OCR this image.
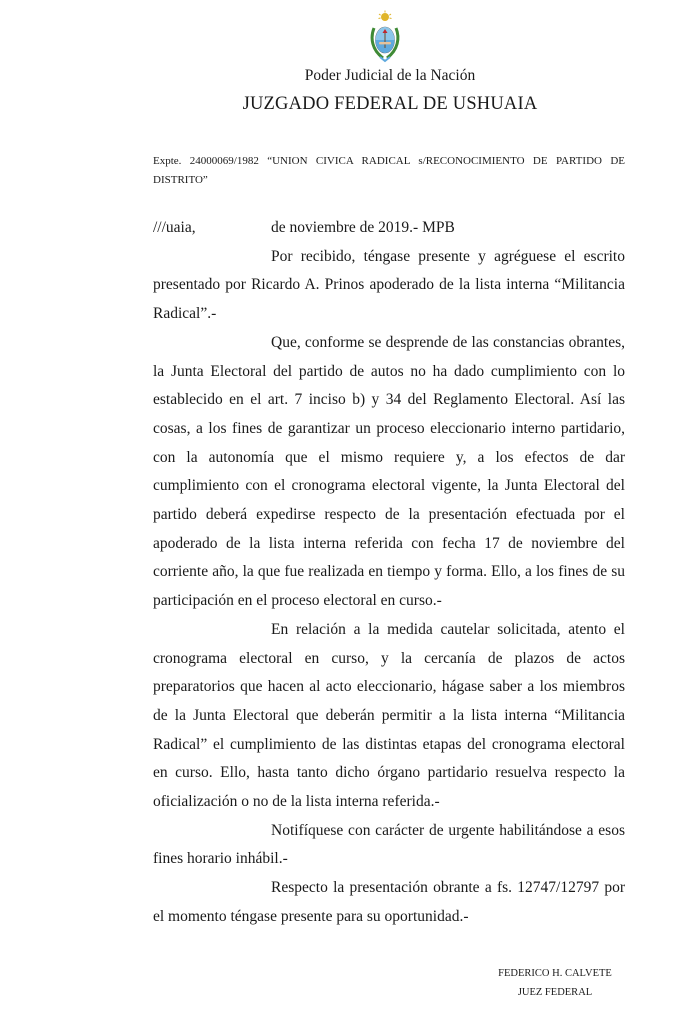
Poder Judicial de la Nación
JUZGADO FEDERAL DE USHUAIA
Expte. 24000069/1982 “UNION CIVICA RADICAL s/RECONOCIMIENTO DE PARTIDO DE DISTRITO”

///uaia,	de noviembre de 2019.- MPB

Por recibido, téngase presente y agréguese el escrito presentado por Ricardo A. Prinos apoderado de la lista interna “Militancia Radical”.-

Que, conforme se desprende de las constancias obrantes, la Junta Electoral del partido de autos no ha dado cumplimiento con lo establecido en el art. 7 inciso b) y 34 del Reglamento Electoral. Así las cosas, a los fines de garantizar un proceso eleccionario interno partidario, con la autonomía que el mismo requiere y, a los efectos de dar cumplimiento con el cronograma electoral vigente, la Junta Electoral del partido deberá expedirse respecto de la presentación efectuada por el apoderado de la lista interna referida con fecha 17 de noviembre del corriente año, la que fue realizada en tiempo y forma. Ello, a los fines de su participación en el proceso electoral en curso.-

En relación a la medida cautelar solicitada, atento el cronograma electoral en curso, y la cercanía de plazos de actos preparatorios que hacen al acto eleccionario, hágase saber a los miembros de la Junta Electoral que deberán permitir a la lista interna “Militancia Radical” el cumplimiento de las distintas etapas del cronograma electoral en curso. Ello, hasta tanto dicho órgano partidario resuelva respecto la oficialización o no de la lista interna referida.-

Notifíquese con carácter de urgente habilitándose a esos fines horario inhábil.-

Respecto la presentación obrante a fs. 12747/12797 por el momento téngase presente para su oportunidad.-

FEDERICO H. CALVETE
JUEZ FEDERAL
